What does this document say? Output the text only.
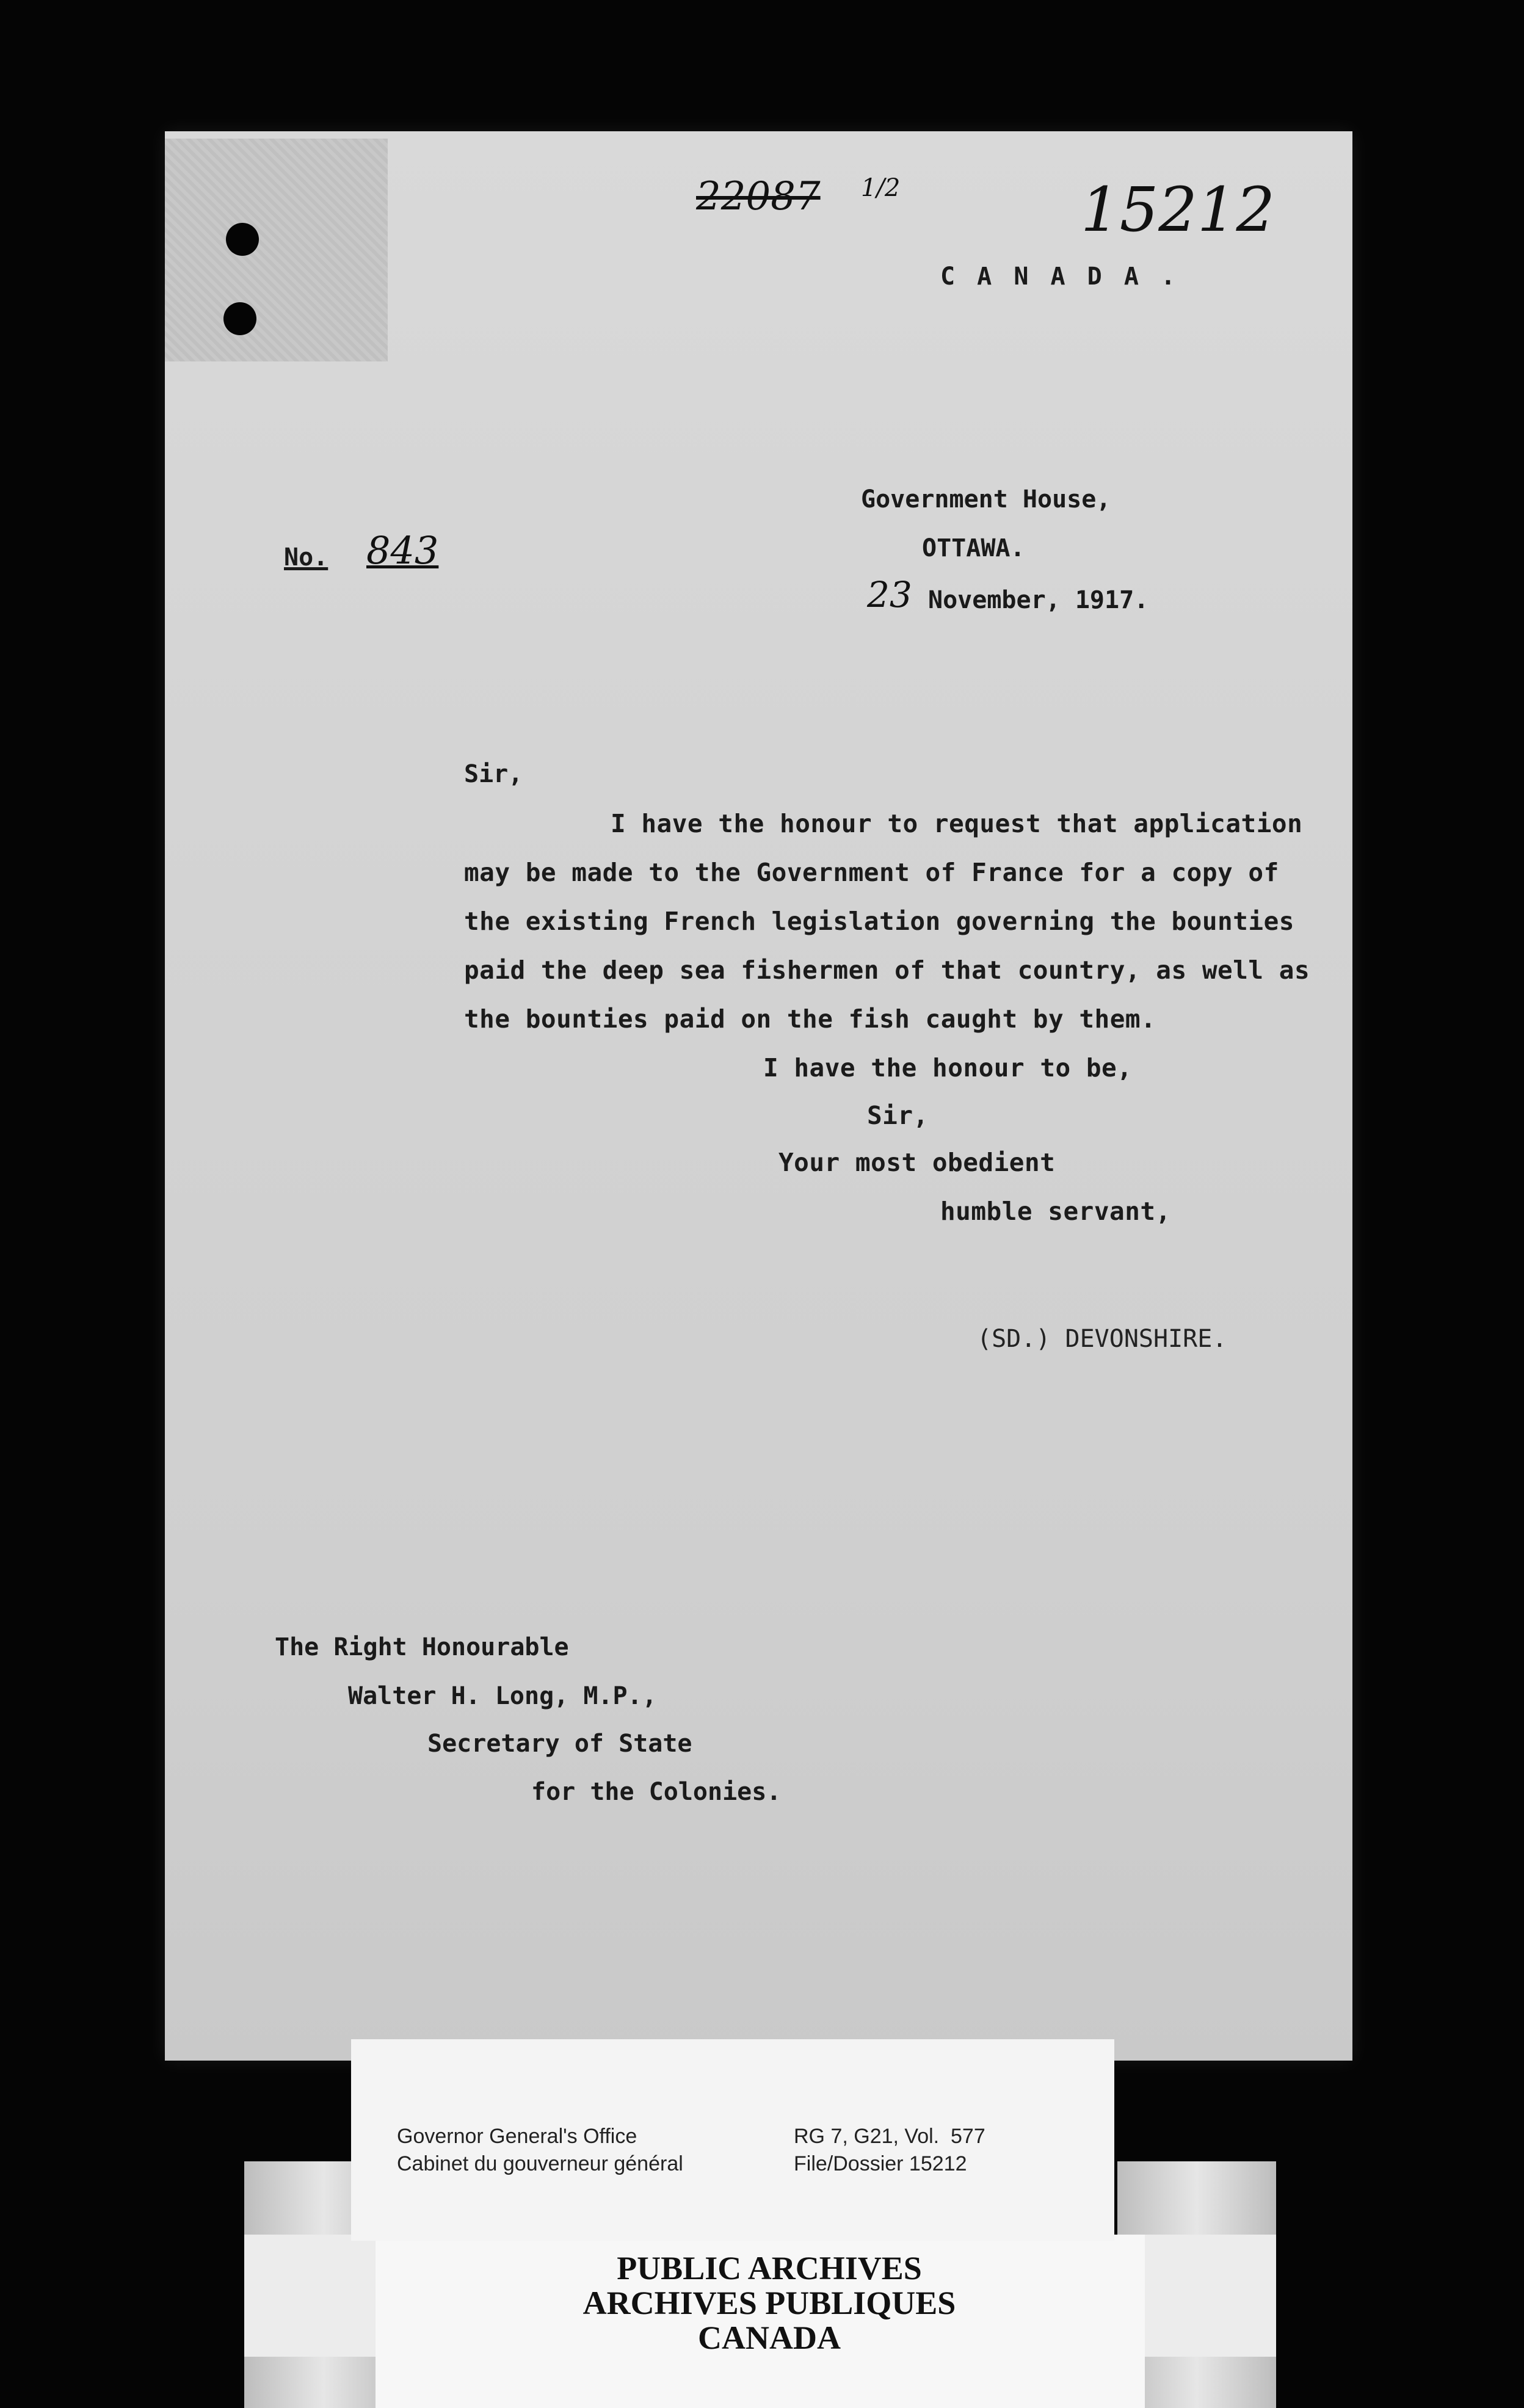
22087 1/2	15212
C A N A D A .
Government House,
OTTAWA.
23 November, 1917.
No. 843
Sir,
I have the honour to request that application
may be made to the Government of France for a copy of
the existing French legislation governing the bounties
paid the deep sea fishermen of that country, as well as
the bounties paid on the fish caught by them.
I have the honour to be,
Sir,
Your most obedient
humble servant,
(SD.) DEVONSHIRE.
The Right Honourable
Walter H. Long, M.P.,
Secretary of State
for the Colonies.
Governor General's Office
Cabinet du gouverneur général
RG 7, G21, Vol.  577
File/Dossier 15212
PUBLIC ARCHIVES
ARCHIVES PUBLIQUES
CANADA
